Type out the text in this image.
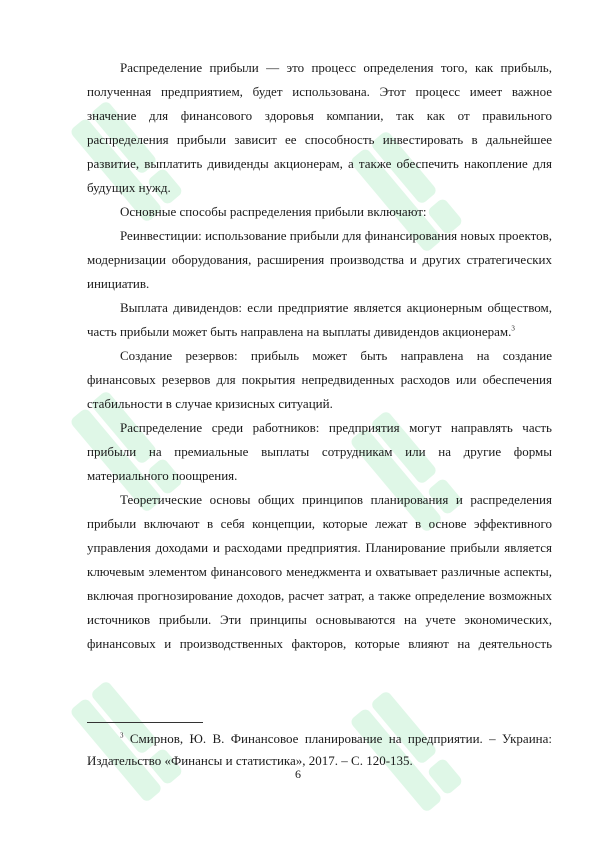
Распределение прибыли — это процесс определения того, как прибыль, полученная предприятием, будет использована. Этот процесс имеет важное значение для финансового здоровья компании, так как от правильного распределения прибыли зависит ее способность инвестировать в дальнейшее развитие, выплатить дивиденды акционерам, а также обеспечить накопление для будущих нужд.

Основные способы распределения прибыли включают:

Реинвестиции: использование прибыли для финансирования новых проектов, модернизации оборудования, расширения производства и других стратегических инициатив.

Выплата дивидендов: если предприятие является акционерным обществом, часть прибыли может быть направлена на выплаты дивидендов акционерам.$^3$

Создание резервов: прибыль может быть направлена на создание финансовых резервов для покрытия непредвиденных расходов или обеспечения стабильности в случае кризисных ситуаций.

Распределение среди работников: предприятия могут направлять часть прибыли на премиальные выплаты сотрудникам или на другие формы материального поощрения.

Теоретические основы общих принципов планирования и распределения прибыли включают в себя концепции, которые лежат в основе эффективного управления доходами и расходами предприятия. Планирование прибыли является ключевым элементом финансового менеджмента и охватывает различные аспекты, включая прогнозирование доходов, расчет затрат, а также определение возможных источников прибыли. Эти принципы основываются на учете экономических, финансовых и производственных факторов, которые влияют на деятельность

$^3$ Смирнов, Ю. В. Финансовое планирование на предприятии. – Украина: Издательство «Финансы и статистика», 2017. – С. 120-135.

6
